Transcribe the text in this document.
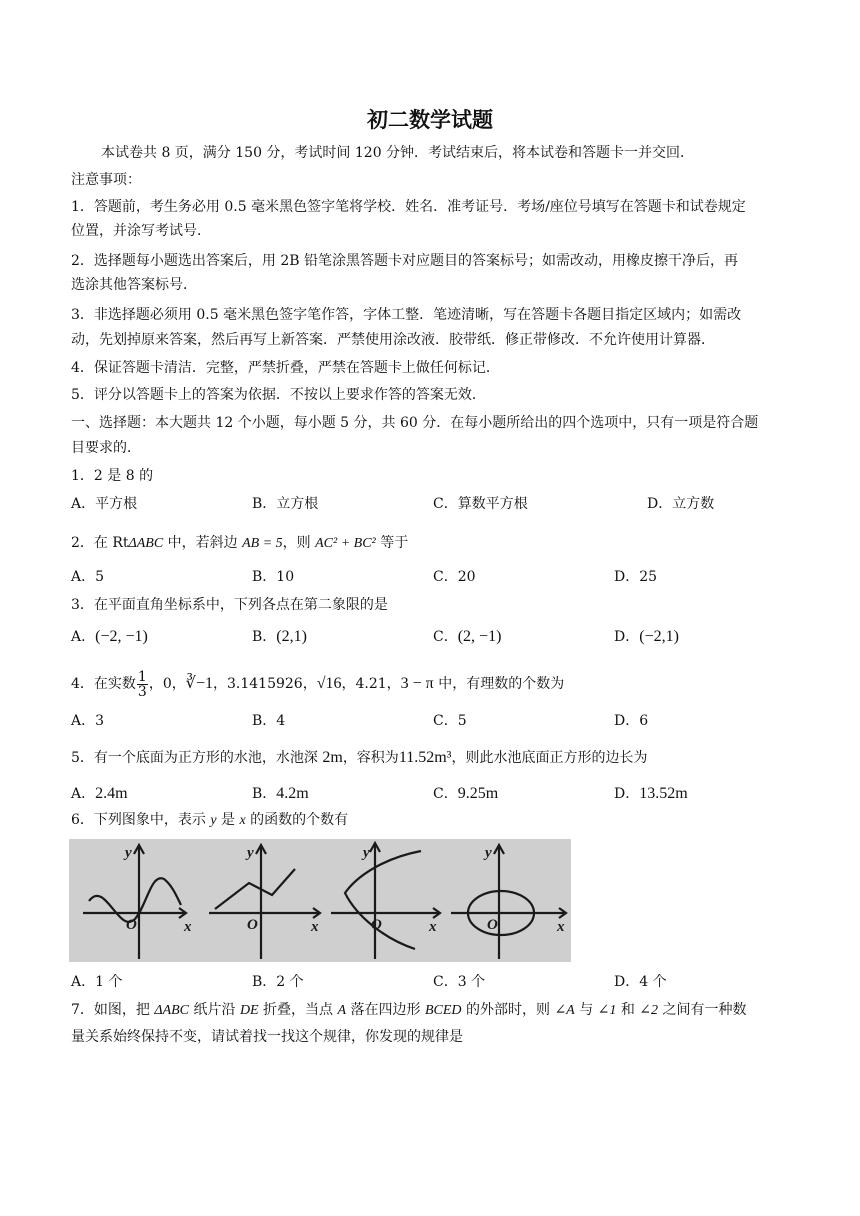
初二数学试题
本试卷共 8 页，满分 150 分，考试时间 120 分钟．考试结束后，将本试卷和答题卡一并交回．
注意事项：
1．答题前，考生务必用 0.5 毫米黑色签字笔将学校．姓名．准考证号．考场/座位号填写在答题卡和试卷规定
位置，并涂写考试号．
2．选择题每小题选出答案后，用 2B 铅笔涂黑答题卡对应题目的答案标号；如需改动，用橡皮擦干净后，再
选涂其他答案标号．
3．非选择题必须用 0.5 毫米黑色签字笔作答，字体工整．笔迹清晰，写在答题卡各题目指定区域内；如需改
动，先划掉原来答案，然后再写上新答案．严禁使用涂改液．胶带纸．修正带修改．不允许使用计算器．
4．保证答题卡清洁．完整，严禁折叠，严禁在答题卡上做任何标记．
5．评分以答题卡上的答案为依据．不按以上要求作答的答案无效．
一、选择题：本大题共 12 个小题，每小题 5 分，共 60 分．在每小题所给出的四个选项中，只有一项是符合题
目要求的．
1．2 是 8 的
A．平方根	B．立方根	C．算数平方根	D．立方数
2．在 RtΔABC 中，若斜边 AB = 5，则 AC² + BC² 等于
A．5	B．10	C．20	D．25
3．在平面直角坐标系中，下列各点在第二象限的是
A．(−2, −1)	B．(2,1)	C．(2, −1)	D．(−2,1)
4．在实数 $\frac{1}{3}$ ，0，∛−1，3.1415926，√16，4.21，3 − π 中，有理数的个数为
A．3	B．4	C．5	D．6
5．有一个底面为正方形的水池，水池深 2m，容积为11.52m³，则此水池底面正方形的边长为
A．2.4m	B．4.2m	C．9.25m	D．13.52m
6．下列图象中，表示 y 是 x 的函数的个数有
y
x
O
y
x
O
y
x
O
y
x
O
A．1 个	B．2 个	C．3 个	D．4 个
7．如图，把 ΔABC 纸片沿 DE 折叠，当点 A 落在四边形 BCED 的外部时，则 ∠A 与 ∠1 和 ∠2 之间有一种数
量关系始终保持不变，请试着找一找这个规律，你发现的规律是
